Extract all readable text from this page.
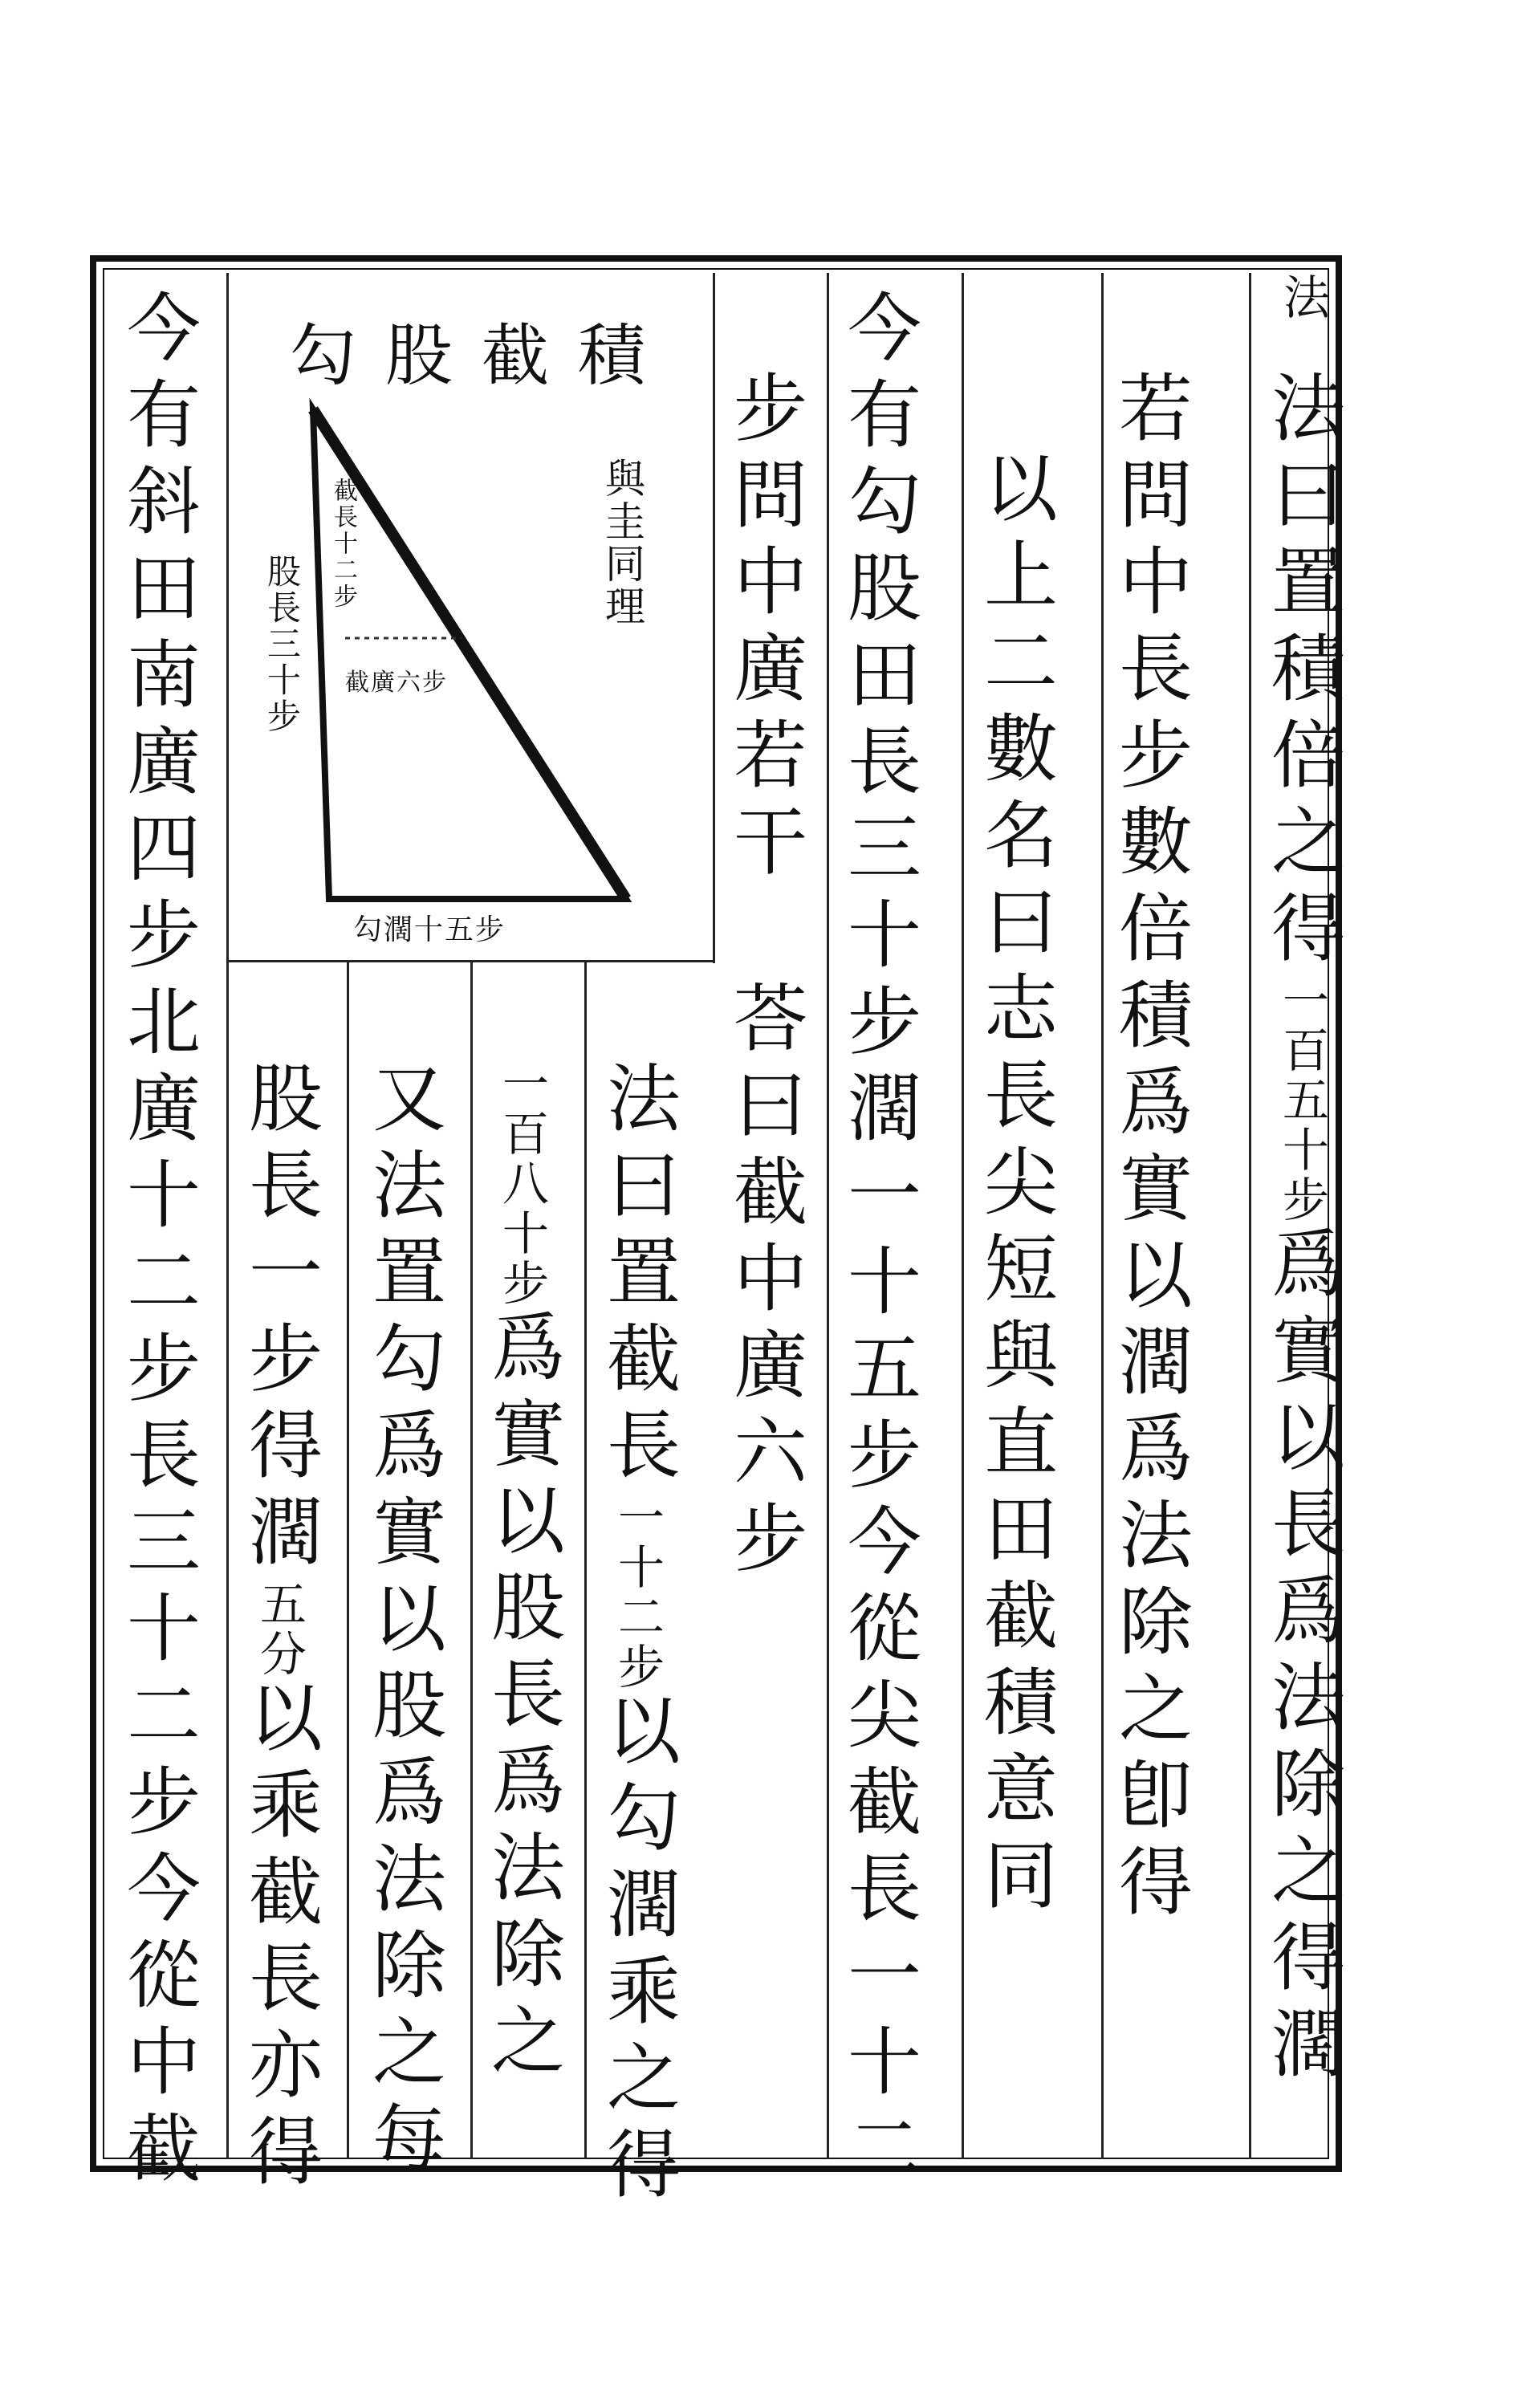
法
法曰置積倍之得一百五十步爲實以長爲法除之得濶
若問中長步數倍積爲實以濶爲法除之卽得
以上二數名曰志長尖短與直田截積意同
今有勾股田長三十步濶一十五步今從尖截長一十二
步問中廣若干
荅曰截中廣六步
法曰置截長一十二步以勾濶乘之得
一百八十步爲實以股長爲法除之
又法置勾爲實以股爲法除之每
股長一步得濶五分以乘截長亦得
今有斜田南廣四步北廣十二步長三十二步今從中截 勾股截積
股長三十步
與圭同理
截長十二步
截廣六步
勾濶十五步
